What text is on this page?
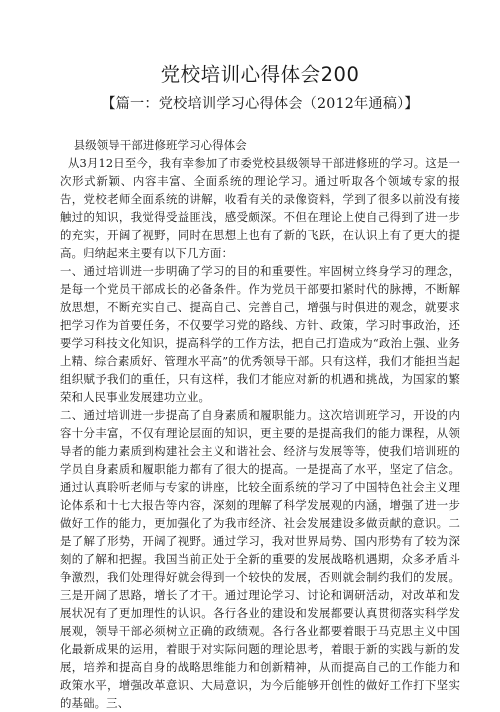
党校培训心得体会200
【篇一：党校培训学习心得体会（2012年通稿）】

县级领导干部进修班学习心得体会

从3月12日至今，我有幸参加了市委党校县级领导干部进修班的学习。这是一次形式新颖、内容丰富、全面系统的理论学习。通过听取各个领域专家的报告，党校老师全面系统的讲解，收看有关的录像资料，学到了很多以前没有接触过的知识，我觉得受益匪浅，感受颇深。不但在理论上使自己得到了进一步的充实，开阔了视野，同时在思想上也有了新的飞跃，在认识上有了更大的提高。归纳起来主要有以下几方面：

一、通过培训进一步明确了学习的目的和重要性。牢固树立终身学习的理念，是每一个党员干部成长的必备条件。作为党员干部要扣紧时代的脉搏，不断解放思想，不断充实自己、提高自己、完善自己，增强与时俱进的观念，就要求把学习作为首要任务，不仅要学习党的路线、方针、政策，学习时事政治，还要学习科技文化知识，提高科学的工作方法，把自己打造成为“政治上强、业务上精、综合素质好、管理水平高”的优秀领导干部。只有这样，我们才能担当起组织赋予我们的重任，只有这样，我们才能应对新的机遇和挑战，为国家的繁荣和人民事业发展建功立业。

二、通过培训进一步提高了自身素质和履职能力。这次培训班学习，开设的内容十分丰富，不仅有理论层面的知识，更主要的是提高我们的能力课程，从领导者的能力素质到构建社会主义和谐社会、经济与发展等等，使我们培训班的学员自身素质和履职能力都有了很大的提高。一是提高了水平，坚定了信念。通过认真聆听老师与专家的讲座，比较全面系统的学习了中国特色社会主义理论体系和十七大报告等内容，深刻的理解了科学发展观的内涵，增强了进一步做好工作的能力，更加强化了为我市经济、社会发展建设多做贡献的意识。二是了解了形势，开阔了视野。通过学习，我对世界局势、国内形势有了较为深刻的了解和把握。我国当前正处于全新的重要的发展战略机遇期，众多矛盾斗争激烈，我们处理得好就会得到一个较快的发展，否则就会制约我们的发展。三是开阔了思路，增长了才干。通过理论学习、讨论和调研活动，对改革和发展状况有了更加理性的认识。各行各业的建设和发展都要认真贯彻落实科学发展观，领导干部必须树立正确的政绩观。各行各业都要着眼于马克思主义中国化最新成果的运用，着眼于对实际问题的理论思考，着眼于新的实践与新的发展，培养和提高自身的战略思维能力和创新精神，从而提高自己的工作能力和政策水平，增强改革意识、大局意识，为今后能够开创性的做好工作打下坚实的基础。三、
